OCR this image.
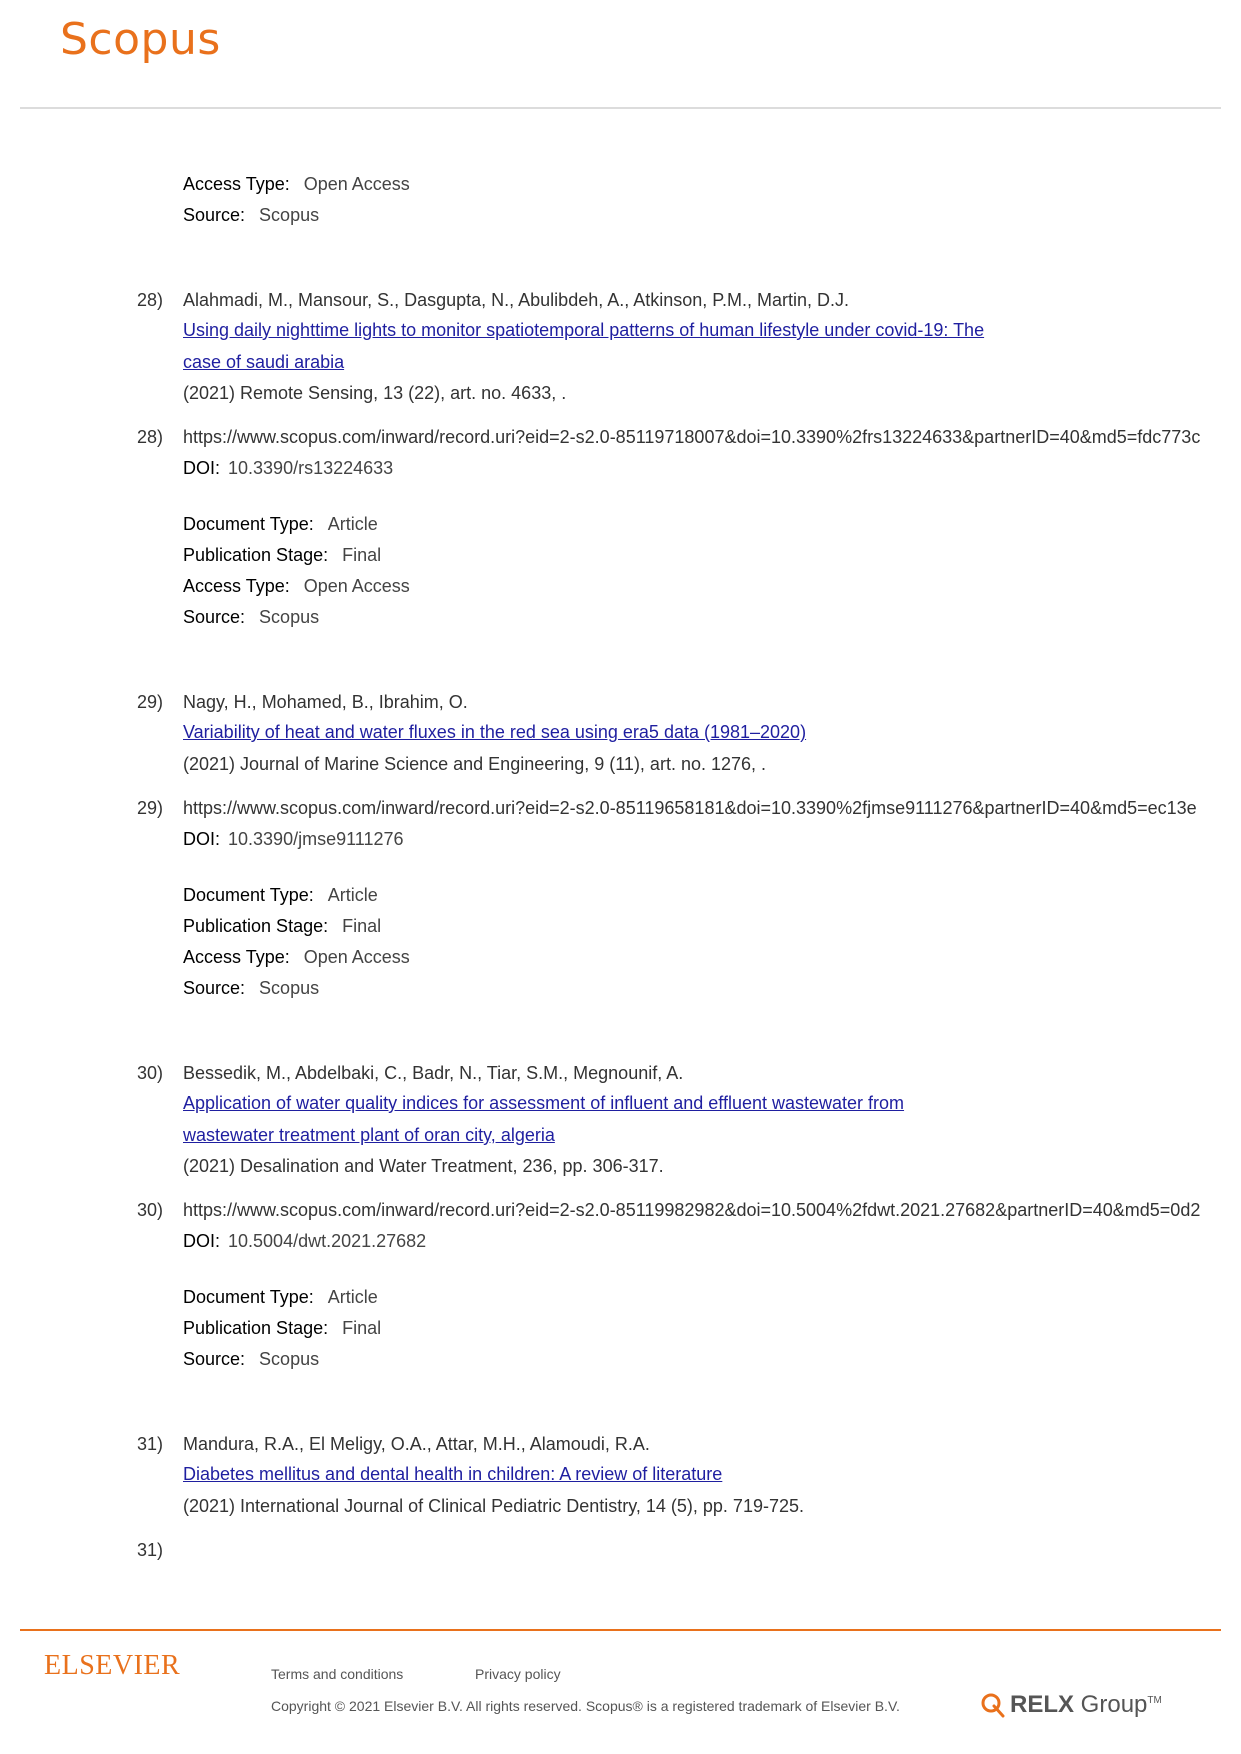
Scopus
Access Type: Open Access
Source: Scopus
28) Alahmadi, M., Mansour, S., Dasgupta, N., Abulibdeh, A., Atkinson, P.M., Martin, D.J.
Using daily nighttime lights to monitor spatiotemporal patterns of human lifestyle under covid-19: The
case of saudi arabia
(2021) Remote Sensing, 13 (22), art. no. 4633, .
28) https://www.scopus.com/inward/record.uri?eid=2-s2.0-85119718007&doi=10.3390%2frs13224633&partnerID=40&md5=fdc773c
DOI: 10.3390/rs13224633
Document Type: Article
Publication Stage: Final
Access Type: Open Access
Source: Scopus
29) Nagy, H., Mohamed, B., Ibrahim, O.
Variability of heat and water fluxes in the red sea using era5 data (1981–2020)
(2021) Journal of Marine Science and Engineering, 9 (11), art. no. 1276, .
29) https://www.scopus.com/inward/record.uri?eid=2-s2.0-85119658181&doi=10.3390%2fjmse9111276&partnerID=40&md5=ec13e
DOI: 10.3390/jmse9111276
Document Type: Article
Publication Stage: Final
Access Type: Open Access
Source: Scopus
30) Bessedik, M., Abdelbaki, C., Badr, N., Tiar, S.M., Megnounif, A.
Application of water quality indices for assessment of influent and effluent wastewater from
wastewater treatment plant of oran city, algeria
(2021) Desalination and Water Treatment, 236, pp. 306-317.
30) https://www.scopus.com/inward/record.uri?eid=2-s2.0-85119982982&doi=10.5004%2fdwt.2021.27682&partnerID=40&md5=0d2
DOI: 10.5004/dwt.2021.27682
Document Type: Article
Publication Stage: Final
Source: Scopus
31) Mandura, R.A., El Meligy, O.A., Attar, M.H., Alamoudi, R.A.
Diabetes mellitus and dental health in children: A review of literature
(2021) International Journal of Clinical Pediatric Dentistry, 14 (5), pp. 719-725.
31)
ELSEVIER	Terms and conditions	Privacy policy
Copyright © 2021 Elsevier B.V. All rights reserved. Scopus® is a registered trademark of Elsevier B.V.	RELX Group™
